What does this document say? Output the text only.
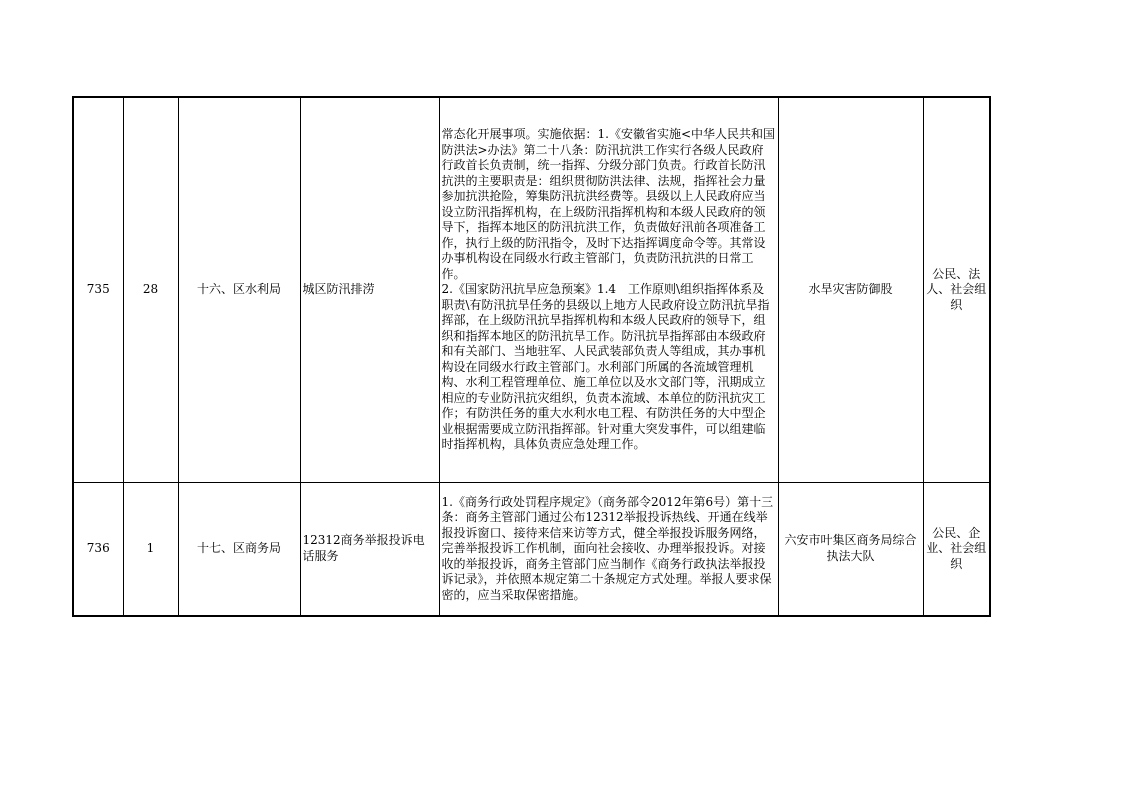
735	28	十六、区水利局	城区防汛排涝	常态化开展事项。实施依据：1.《安徽省实施<中华人民共和国防洪法>办法》第二十八条：防汛抗洪工作实行各级人民政府行政首长负责制，统一指挥、分级分部门负责。行政首长防汛抗洪的主要职责是：组织贯彻防洪法律、法规，指挥社会力量参加抗洪抢险，筹集防汛抗洪经费等。县级以上人民政府应当设立防汛指挥机构，在上级防汛指挥机构和本级人民政府的领导下，指挥本地区的防汛抗洪工作，负责做好汛前各项准备工作，执行上级的防汛指令，及时下达指挥调度命令等。其常设办事机构设在同级水行政主管部门，负责防汛抗洪的日常工作。
2.《国家防汛抗旱应急预案》1.4　工作原则\组织指挥体系及职责\有防汛抗旱任务的县级以上地方人民政府设立防汛抗旱指挥部，在上级防汛抗旱指挥机构和本级人民政府的领导下，组织和指挥本地区的防汛抗旱工作。防汛抗旱指挥部由本级政府和有关部门、当地驻军、人民武装部负责人等组成，其办事机构设在同级水行政主管部门。水利部门所属的各流域管理机构、水利工程管理单位、施工单位以及水文部门等，汛期成立相应的专业防汛抗灾组织，负责本流域、本单位的防汛抗灾工作；有防洪任务的重大水利水电工程、有防洪任务的大中型企业根据需要成立防汛指挥部。针对重大突发事件，可以组建临时指挥机构，具体负责应急处理工作。	水旱灾害防御股	公民、法人、社会组织
736	1	十七、区商务局	12312商务举报投诉电话服务	1.《商务行政处罚程序规定》（商务部令2012年第6号）第十三条：商务主管部门通过公布12312举报投诉热线、开通在线举报投诉窗口、接待来信来访等方式，健全举报投诉服务网络，完善举报投诉工作机制，面向社会接收、办理举报投诉。对接收的举报投诉，商务主管部门应当制作《商务行政执法举报投诉记录》，并依照本规定第二十条规定方式处理。举报人要求保密的，应当采取保密措施。	六安市叶集区商务局综合执法大队	公民、企业、社会组织
